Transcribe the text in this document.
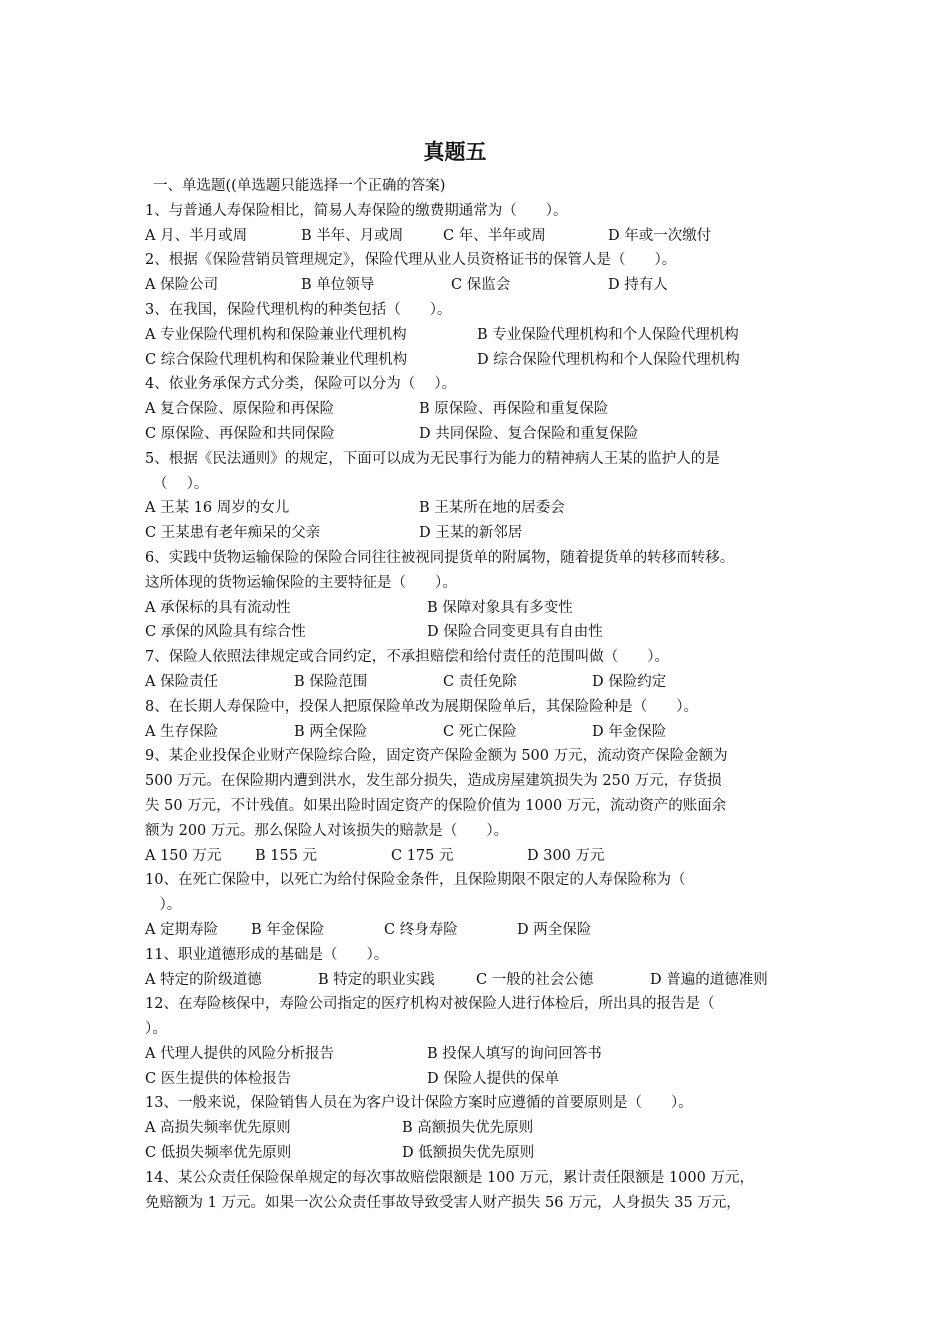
真题五
一、单选题((单选题只能选择一个正确的答案)
1、与普通人寿保险相比，简易人寿保险的缴费期通常为（　　）。
A 月、半月或周	B 半年、月或周	C 年、半年或周	D 年或一次缴付
2、根据《保险营销员管理规定》，保险代理从业人员资格证书的保管人是（　　）。
A 保险公司	B 单位领导	C 保监会	D 持有人
3、在我国，保险代理机构的种类包括（　　）。
A 专业保险代理机构和保险兼业代理机构	B 专业保险代理机构和个人保险代理机构
C 综合保险代理机构和保险兼业代理机构	D 综合保险代理机构和个人保险代理机构
4、依业务承保方式分类，保险可以分为（　 ）。
A 复合保险、原保险和再保险	B 原保险、再保险和重复保险
C 原保险、再保险和共同保险	D 共同保险、复合保险和重复保险
5、根据《民法通则》的规定，下面可以成为无民事行为能力的精神病人王某的监护人的是
（　 ）。
A 王某 16 周岁的女儿	B 王某所在地的居委会
C 王某患有老年痴呆的父亲	D 王某的新邻居
6、实践中货物运输保险的保险合同往往被视同提货单的附属物，随着提货单的转移而转移。
这所体现的货物运输保险的主要特征是（　　）。
A 承保标的具有流动性	B 保障对象具有多变性
C 承保的风险具有综合性	D 保险合同变更具有自由性
7、保险人依照法律规定或合同约定，不承担赔偿和给付责任的范围叫做（　　）。
A 保险责任	B 保险范围	C 责任免除	D 保险约定
8、在长期人寿保险中，投保人把原保险单改为展期保险单后，其保险险种是（　　）。
A 生存保险	B 两全保险	C 死亡保险	D 年金保险
9、某企业投保企业财产保险综合险，固定资产保险金额为 500 万元，流动资产保险金额为
500 万元。在保险期内遭到洪水，发生部分损失，造成房屋建筑损失为 250 万元，存货损
失 50 万元，不计残值。如果出险时固定资产的保险价值为 1000 万元，流动资产的账面余
额为 200 万元。那么保险人对该损失的赔款是（　　）。
A 150 万元 B 155 元	C 175 元	D 300 万元
10、在死亡保险中，以死亡为给付保险金条件，且保险期限不限定的人寿保险称为（
　）。
A 定期寿险 B 年金保险	C 终身寿险	D 两全保险
11、职业道德形成的基础是（　　）。
A 特定的阶级道德	B 特定的职业实践	C 一般的社会公德	D 普遍的道德准则
12、在寿险核保中，寿险公司指定的医疗机构对被保险人进行体检后，所出具的报告是（
）。
A 代理人提供的风险分析报告	B 投保人填写的询问回答书
C 医生提供的体检报告	D 保险人提供的保单
13、一般来说，保险销售人员在为客户设计保险方案时应遵循的首要原则是（　　）。
A 高损失频率优先原则	B 高额损失优先原则
C 低损失频率优先原则	D 低额损失优先原则
14、某公众责任保险保单规定的每次事故赔偿限额是 100 万元，累计责任限额是 1000 万元，
免赔额为 1 万元。如果一次公众责任事故导致受害人财产损失 56 万元，人身损失 35 万元，
